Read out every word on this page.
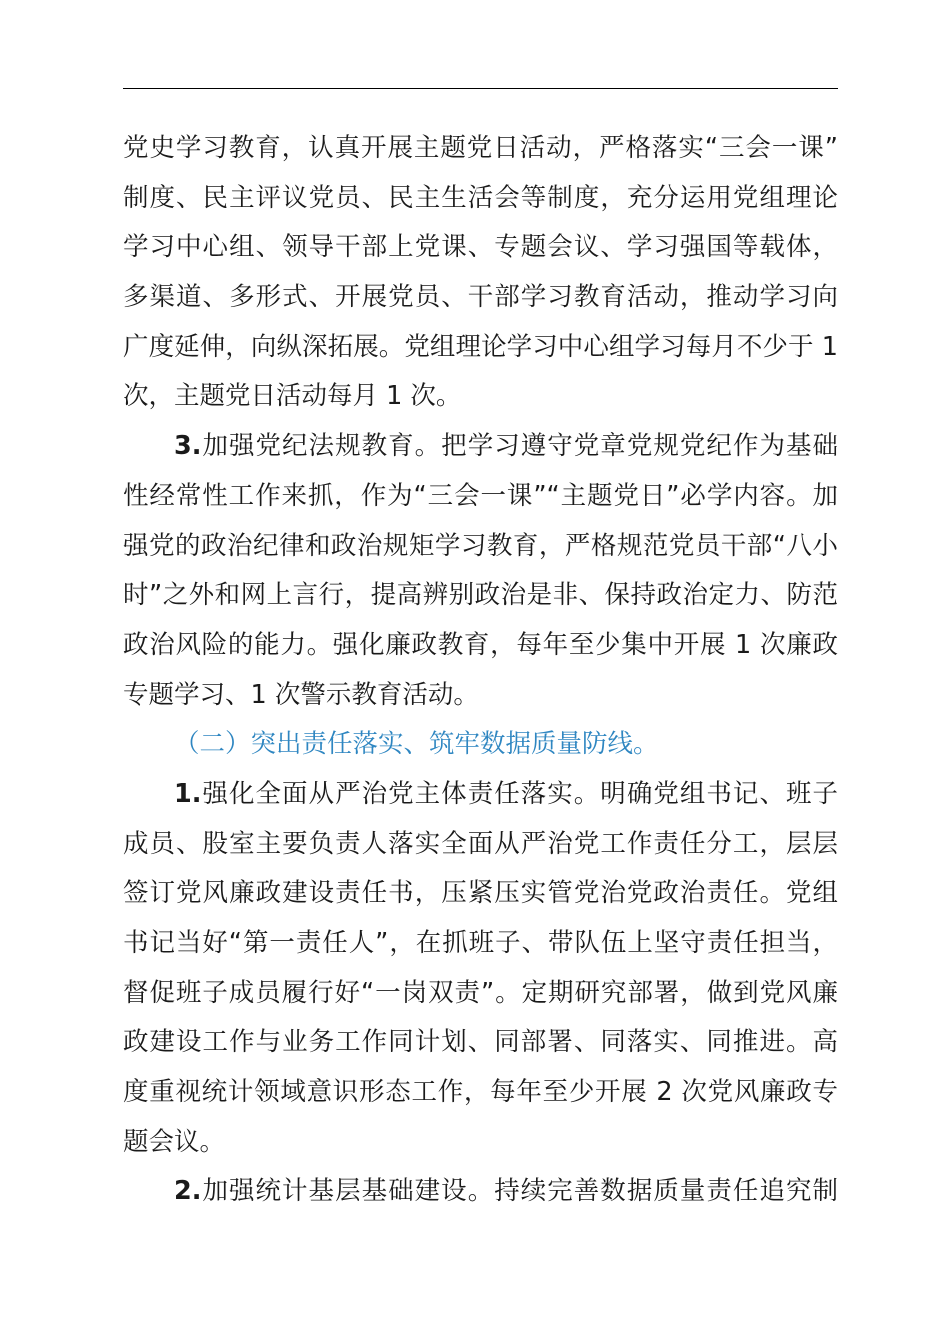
党史学习教育，认真开展主题党日活动，严格落实“三会一课”
制度、民主评议党员、民主生活会等制度，充分运用党组理论
学习中心组、领导干部上党课、专题会议、学习强国等载体，
多渠道、多形式、开展党员、干部学习教育活动，推动学习向
广度延伸，向纵深拓展。党组理论学习中心组学习每月不少于 1
次，主题党日活动每月 1 次。
3.加强党纪法规教育。把学习遵守党章党规党纪作为基础
性经常性工作来抓，作为“三会一课”“主题党日”必学内容。加
强党的政治纪律和政治规矩学习教育，严格规范党员干部“八小
时”之外和网上言行，提高辨别政治是非、保持政治定力、防范
政治风险的能力。强化廉政教育，每年至少集中开展 1 次廉政
专题学习、1 次警示教育活动。
（二）突出责任落实、筑牢数据质量防线。
1.强化全面从严治党主体责任落实。明确党组书记、班子
成员、股室主要负责人落实全面从严治党工作责任分工，层层
签订党风廉政建设责任书，压紧压实管党治党政治责任。党组
书记当好“第一责任人”，在抓班子、带队伍上坚守责任担当，
督促班子成员履行好“一岗双责”。定期研究部署，做到党风廉
政建设工作与业务工作同计划、同部署、同落实、同推进。高
度重视统计领域意识形态工作，每年至少开展 2 次党风廉政专
题会议。
2.加强统计基层基础建设。持续完善数据质量责任追究制
